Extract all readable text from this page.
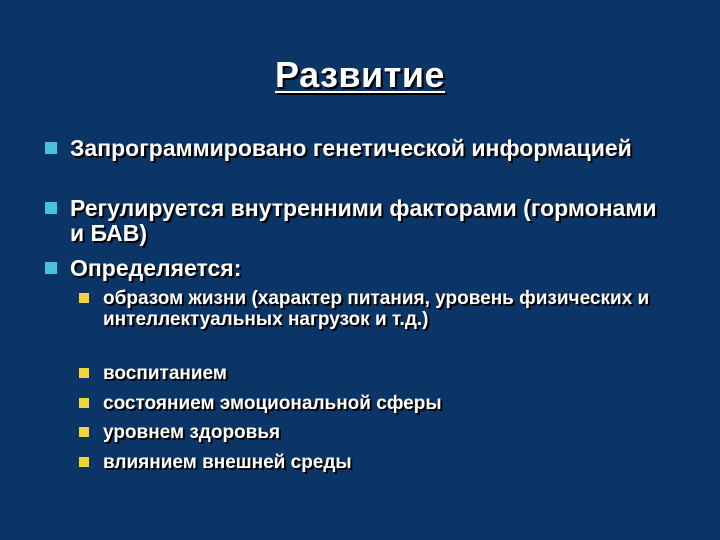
Развитие
Запрограммировано генетической информацией
Регулируется внутренними факторами (гормонами и БАВ)
Определяется:
образом жизни (характер питания, уровень физических и интеллектуальных нагрузок и т.д.)
воспитанием
состоянием эмоциональной сферы
уровнем здоровья
влиянием внешней среды
